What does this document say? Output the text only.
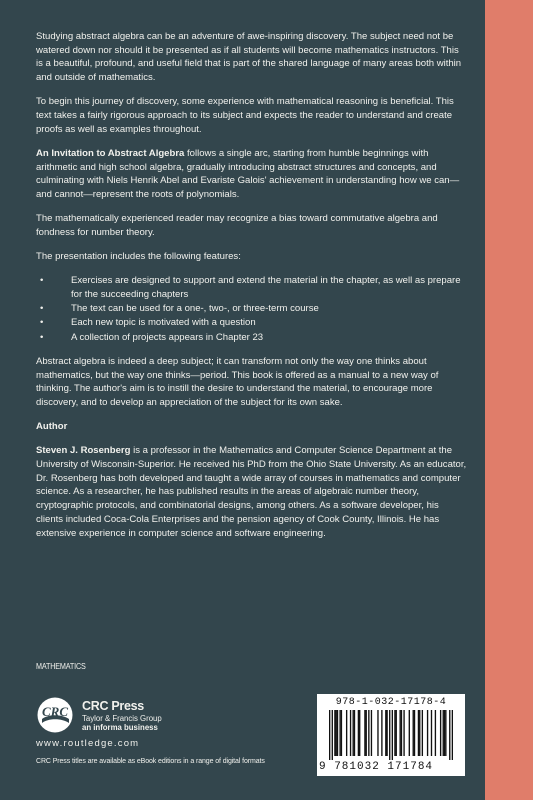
Studying abstract algebra can be an adventure of awe-inspiring discovery. The subject need not be watered down nor should it be presented as if all students will become mathematics instructors. This is a beautiful, profound, and useful field that is part of the shared language of many areas both within and outside of mathematics.

To begin this journey of discovery, some experience with mathematical reasoning is beneficial. This text takes a fairly rigorous approach to its subject and expects the reader to understand and create proofs as well as examples throughout.

An Invitation to Abstract Algebra follows a single arc, starting from humble beginnings with arithmetic and high school algebra, gradually introducing abstract structures and concepts, and culminating with Niels Henrik Abel and Evariste Galois' achievement in understanding how we can—and cannot—represent the roots of polynomials.

The mathematically experienced reader may recognize a bias toward commutative algebra and fondness for number theory.

The presentation includes the following features:

• Exercises are designed to support and extend the material in the chapter, as well as prepare for the succeeding chapters
• The text can be used for a one-, two-, or three-term course
• Each new topic is motivated with a question
• A collection of projects appears in Chapter 23

Abstract algebra is indeed a deep subject; it can transform not only the way one thinks about mathematics, but the way one thinks—period. This book is offered as a manual to a new way of thinking. The author's aim is to instill the desire to understand the material, to encourage more discovery, and to develop an appreciation of the subject for its own sake.

Author

Steven J. Rosenberg is a professor in the Mathematics and Computer Science Department at the University of Wisconsin-Superior. He received his PhD from the Ohio State University. As an educator, Dr. Rosenberg has both developed and taught a wide array of courses in mathematics and computer science. As a researcher, he has published results in the areas of algebraic number theory, cryptographic protocols, and combinatorial designs, among others. As a software developer, his clients included Coca-Cola Enterprises and the pension agency of Cook County, Illinois. He has extensive experience in computer science and software engineering.

MATHEMATICS
CRC CRC Press
Taylor & Francis Group
an informa business
www.routledge.com
CRC Press titles are available as eBook editions in a range of digital formats
978-1-032-17178-4
9 781032 171784
